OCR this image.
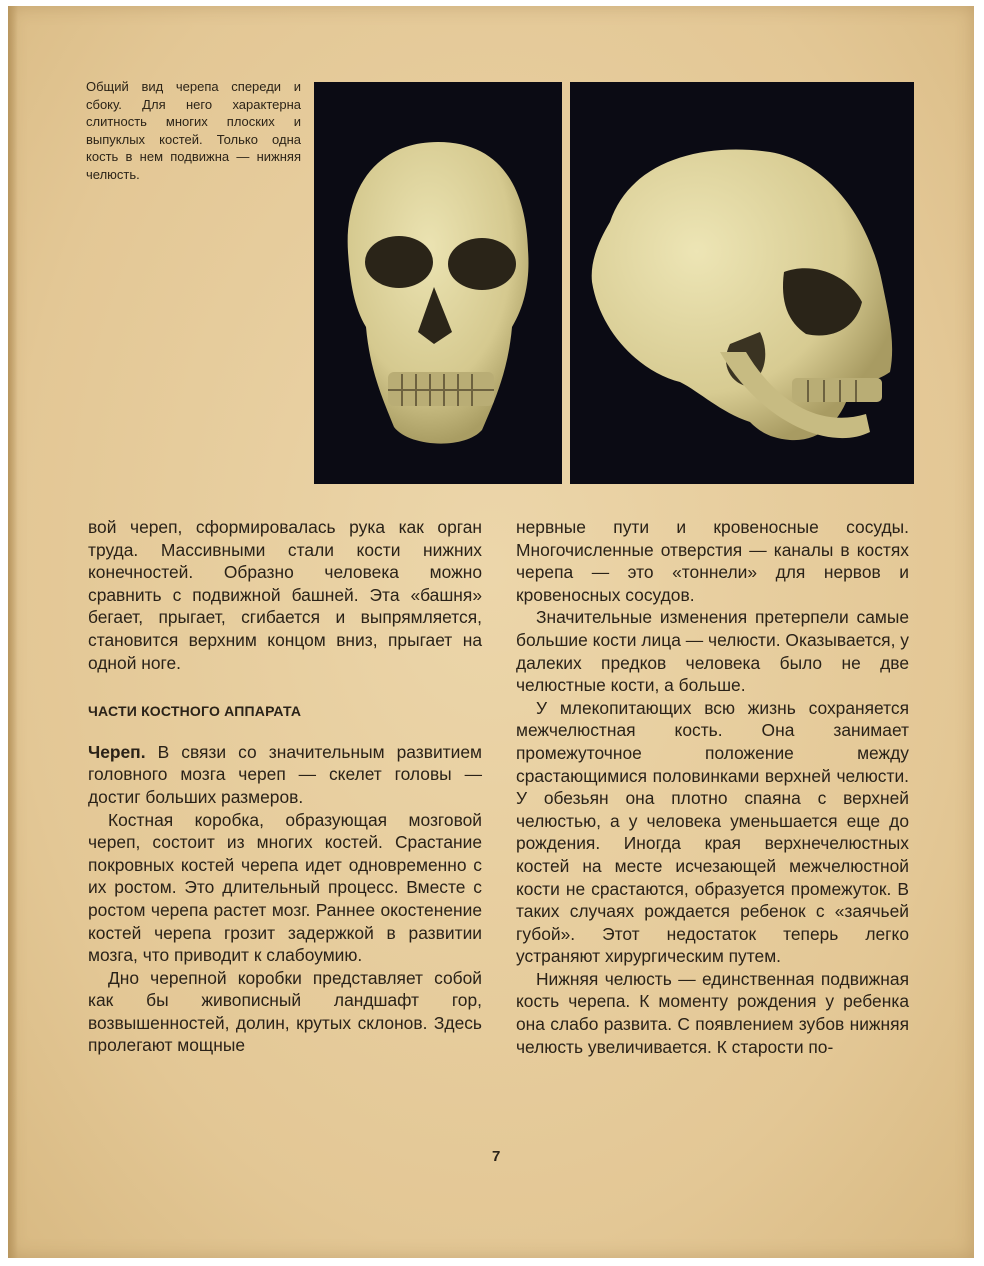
Общий вид черепа спереди и сбоку. Для него характерна слитность многих плоских и выпуклых костей. Только одна кость в нем подвижна — нижняя челюсть.

вой череп, сформировалась рука как орган труда. Массивными стали кости нижних конечностей. Образно человека можно сравнить с подвижной башней. Эта «башня» бегает, прыгает, сгибается и выпрямляется, становится верхним концом вниз, прыгает на одной ноге.

ЧАСТИ КОСТНОГО АППАРАТА

Череп. В связи со значительным развитием головного мозга череп — скелет головы — достиг больших размеров.

Костная коробка, образующая мозговой череп, состоит из многих костей. Срастание покровных костей черепа идет одновременно с их ростом. Это длительный процесс. Вместе с ростом черепа растет мозг. Раннее окостенение костей черепа грозит задержкой в развитии мозга, что приводит к слабоумию.

Дно черепной коробки представляет собой как бы живописный ландшафт гор, возвышенностей, долин, крутых склонов. Здесь пролегают мощные

нервные пути и кровеносные сосуды. Многочисленные отверстия — каналы в костях черепа — это «тоннели» для нервов и кровеносных сосудов.

Значительные изменения претерпели самые большие кости лица — челюсти. Оказывается, у далеких предков человека было не две челюстные кости, а больше.

У млекопитающих всю жизнь сохраняется межчелюстная кость. Она занимает промежуточное положение между срастающимися половинками верхней челюсти. У обезьян она плотно спаяна с верхней челюстью, а у человека уменьшается еще до рождения. Иногда края верхнечелюстных костей на месте исчезающей межчелюстной кости не срастаются, образуется промежуток. В таких случаях рождается ребенок с «заячьей губой». Этот недостаток теперь легко устраняют хирургическим путем.

Нижняя челюсть — единственная подвижная кость черепа. К моменту рождения у ребенка она слабо развита. С появлением зубов нижняя челюсть увеличивается. К старости по-

7
